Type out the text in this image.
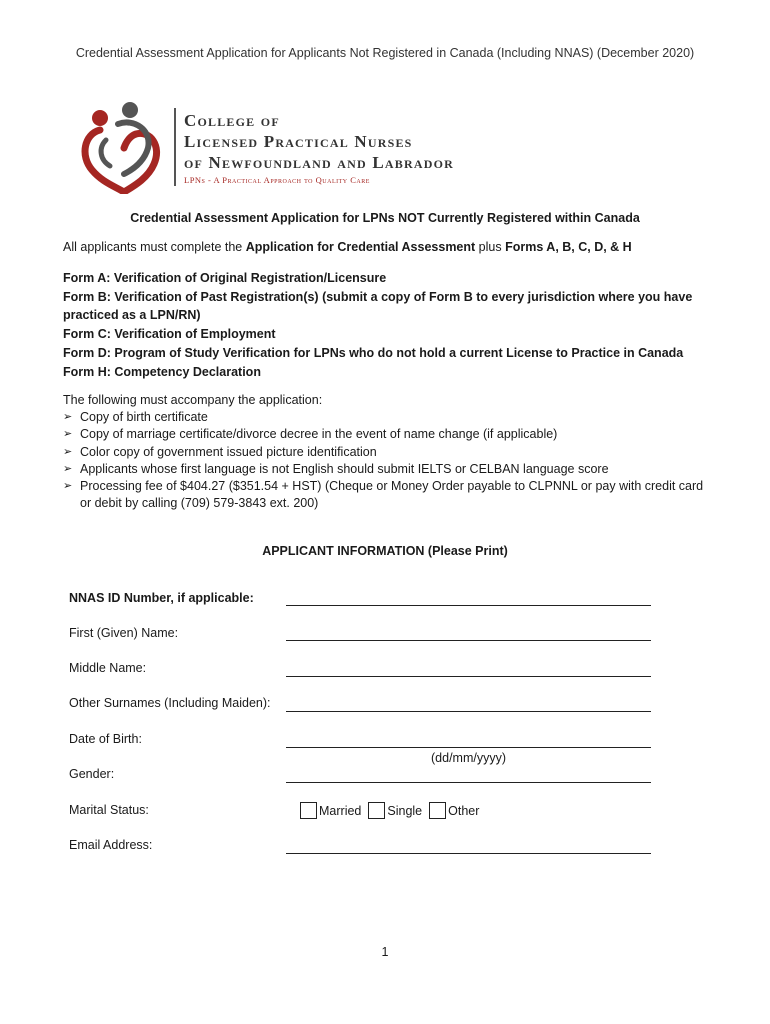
Credential Assessment Application for Applicants Not Registered in Canada (Including NNAS) (December 2020)
College of
Licensed Practical Nurses
of Newfoundland and Labrador
LPNs - A Practical Approach to Quality Care
Credential Assessment Application for LPNs NOT Currently Registered within Canada
All applicants must complete the Application for Credential Assessment plus Forms A, B, C, D, & H
Form A: Verification of Original Registration/Licensure
Form B: Verification of Past Registration(s) (submit a copy of Form B to every jurisdiction where you have practiced as a LPN/RN)
Form C: Verification of Employment
Form D: Program of Study Verification for LPNs who do not hold a current License to Practice in Canada
Form H: Competency Declaration
The following must accompany the application:
➢ Copy of birth certificate
➢ Copy of marriage certificate/divorce decree in the event of name change (if applicable)
➢ Color copy of government issued picture identification
➢ Applicants whose first language is not English should submit IELTS or CELBAN language score
➢ Processing fee of $404.27 ($351.54 + HST) (Cheque or Money Order payable to CLPNNL or pay with credit card or debit by calling (709) 579-3843 ext. 200)
APPLICANT INFORMATION (Please Print)
NNAS ID Number, if applicable:
First (Given) Name:
Middle Name:
Other Surnames (Including Maiden):
Date of Birth:
(dd/mm/yyyy)
Gender:
Marital Status:	Married Single Other
Email Address:
1
